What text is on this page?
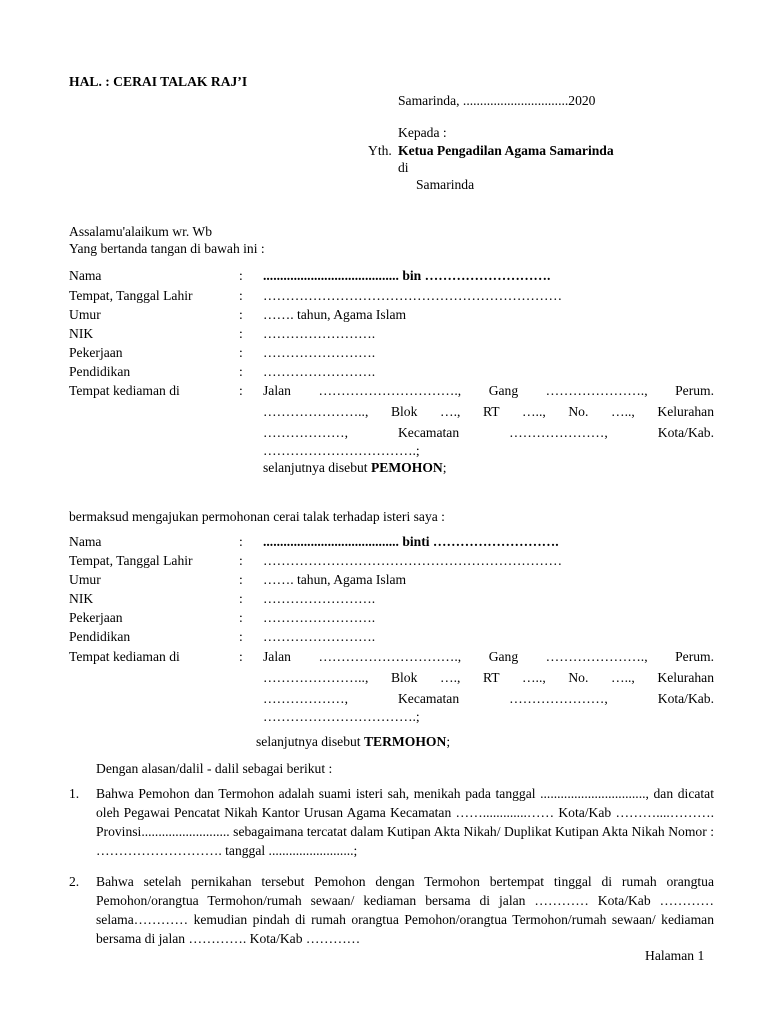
HAL. : CERAI TALAK RAJ’I
Samarinda, ...............................2020
Kepada :
Yth. Ketua Pengadilan Agama Samarinda
di
Samarinda
Assalamu'alaikum wr. Wb
Yang bertanda tangan di bawah ini :
Nama	: ........................................ bin ……………………….
Tempat, Tanggal Lahir	: …………………………………………………………
Umur	: ……. tahun, Agama Islam
NIK	: …………………….
Pekerjaan	: …………………….
Pendidikan	: …………………….
Tempat kediaman di	: Jalan …………………………., Gang …………………., Perum.
………………….., Blok …., RT ….., No. ….., Kelurahan
………………, Kecamatan …………………, Kota/Kab.
…………………………….;
selanjutnya disebut PEMOHON;
bermaksud mengajukan permohonan cerai talak terhadap isteri saya :
Nama	: ........................................ binti ……………………….
Tempat, Tanggal Lahir	: …………………………………………………………
Umur	: ……. tahun, Agama Islam
NIK	: …………………….
Pekerjaan	: …………………….
Pendidikan	: …………………….
Tempat kediaman di	: Jalan …………………………., Gang …………………., Perum.
………………….., Blok …., RT ….., No. ….., Kelurahan
………………, Kecamatan …………………, Kota/Kab.
…………………………….;
selanjutnya disebut TERMOHON;
Dengan alasan/dalil - dalil sebagai berikut :
1. Bahwa Pemohon dan Termohon adalah suami isteri sah, menikah pada tanggal ..............................., dan dicatat oleh Pegawai Pencatat Nikah Kantor Urusan Agama Kecamatan …….............…… Kota/Kab ………....………. Provinsi.......................... sebagaimana tercatat dalam Kutipan Akta Nikah/ Duplikat Kutipan Akta Nikah Nomor : ………………………. tanggal .........................;
2. Bahwa setelah pernikahan tersebut Pemohon dengan Termohon bertempat tinggal di rumah orangtua Pemohon/orangtua Termohon/rumah sewaan/ kediaman bersama di jalan ………… Kota/Kab ………… selama………… kemudian pindah di rumah orangtua Pemohon/orangtua Termohon/rumah sewaan/ kediaman bersama di jalan …………. Kota/Kab …………
Halaman 1
